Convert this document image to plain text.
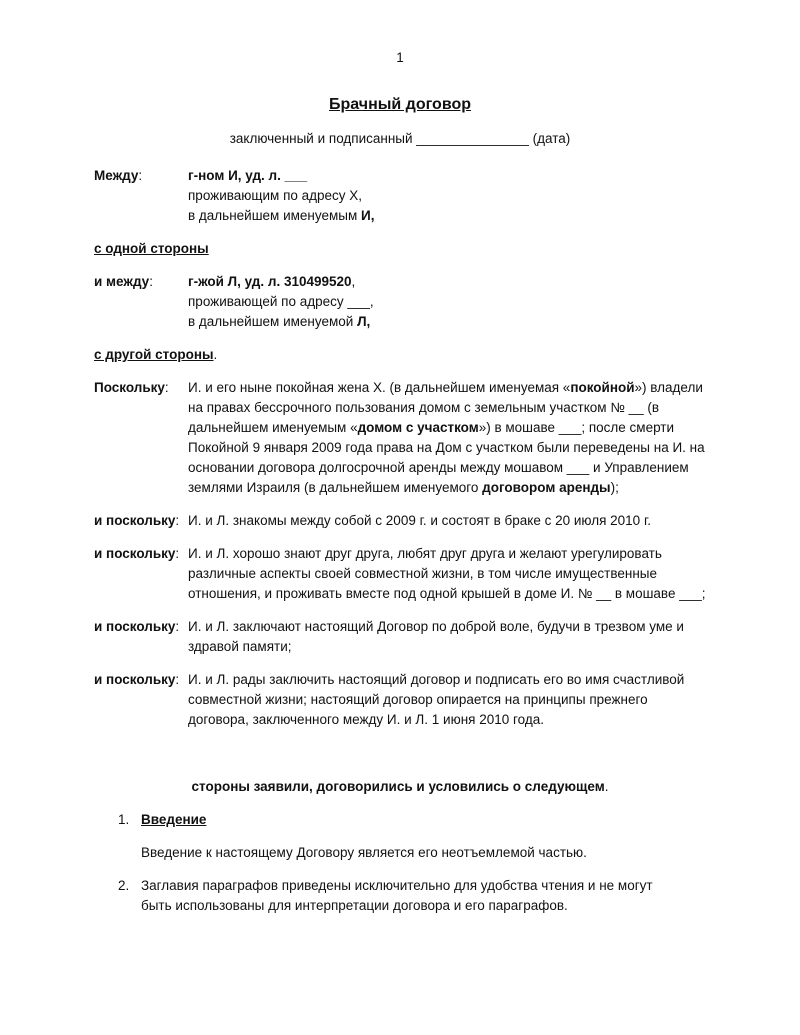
1
Брачный договор
заключенный и подписанный _______________ (дата)
Между:	г-ном И, уд. л. ___
проживающим по адресу Х,
в дальнейшем именуемым И,
с одной стороны
и между:	г-жой Л, уд. л. 310499520,
проживающей по адресу ___,
в дальнейшем именуемой Л,
с другой стороны.
Поскольку:	И. и его ныне покойная жена Х. (в дальнейшем именуемая «покойной») владели на правах бессрочного пользования домом с земельным участком № __ (в дальнейшем именуемым «домом с участком») в мошаве ___; после смерти Покойной 9 января 2009 года права на Дом с участком были переведены на И. на основании договора долгосрочной аренды между мошавом ___ и Управлением землями Израиля (в дальнейшем именуемого договором аренды);
и поскольку: И. и Л. знакомы между собой с 2009 г. и состоят в браке с 20 июля 2010 г.
и поскольку: И. и Л. хорошо знают друг друга, любят друг друга и желают урегулировать различные аспекты своей совместной жизни, в том числе имущественные отношения, и проживать вместе под одной крышей в доме И. № __ в мошаве ___;
и поскольку: И. и Л. заключают настоящий Договор по доброй воле, будучи в трезвом уме и здравой памяти;
и поскольку: И. и Л. рады заключить настоящий договор и подписать его во имя счастливой совместной жизни; настоящий договор опирается на принципы прежнего договора, заключенного между И. и Л. 1 июня 2010 года.
стороны заявили, договорились и условились о следующем.
1. Введение
Введение к настоящему Договору является его неотъемлемой частью.
2. Заглавия параграфов приведены исключительно для удобства чтения и не могут быть использованы для интерпретации договора и его параграфов.
